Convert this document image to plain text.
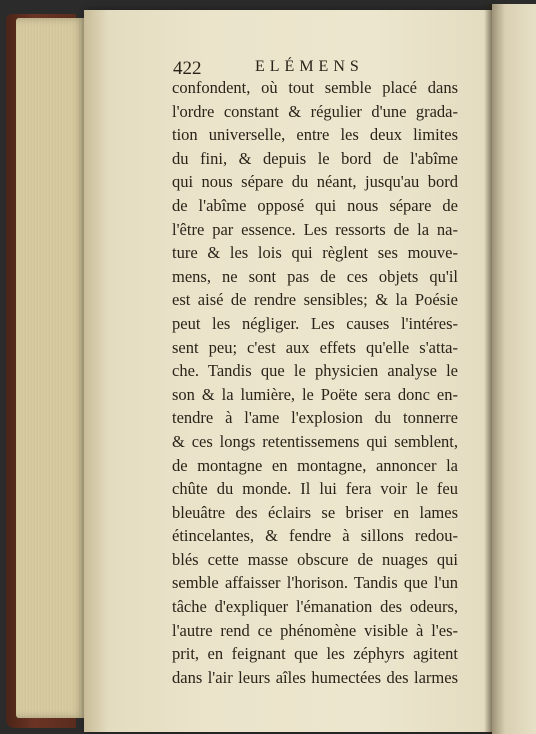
422	ELÉMENS
confondent, où tout semble placé dans
l'ordre constant & régulier d'une grada-
tion universelle, entre les deux limites
du fini, & depuis le bord de l'abîme
qui nous sépare du néant, jusqu'au bord
de l'abîme opposé qui nous sépare de
l'être par essence. Les ressorts de la na-
ture & les lois qui règlent ses mouve-
mens, ne sont pas de ces objets qu'il
est aisé de rendre sensibles; & la Poésie
peut les négliger. Les causes l'intéres-
sent peu; c'est aux effets qu'elle s'atta-
che. Tandis que le physicien analyse le
son & la lumière, le Poëte sera donc en-
tendre à l'ame l'explosion du tonnerre
& ces longs retentissemens qui semblent,
de montagne en montagne, annoncer la
chûte du monde. Il lui fera voir le feu
bleuâtre des éclairs se briser en lames
étincelantes, & fendre à sillons redou-
blés cette masse obscure de nuages qui
semble affaisser l'horison. Tandis que l'un
tâche d'expliquer l'émanation des odeurs,
l'autre rend ce phénomène visible à l'es-
prit, en feignant que les zéphyrs agitent
dans l'air leurs aîles humectées des larmes
